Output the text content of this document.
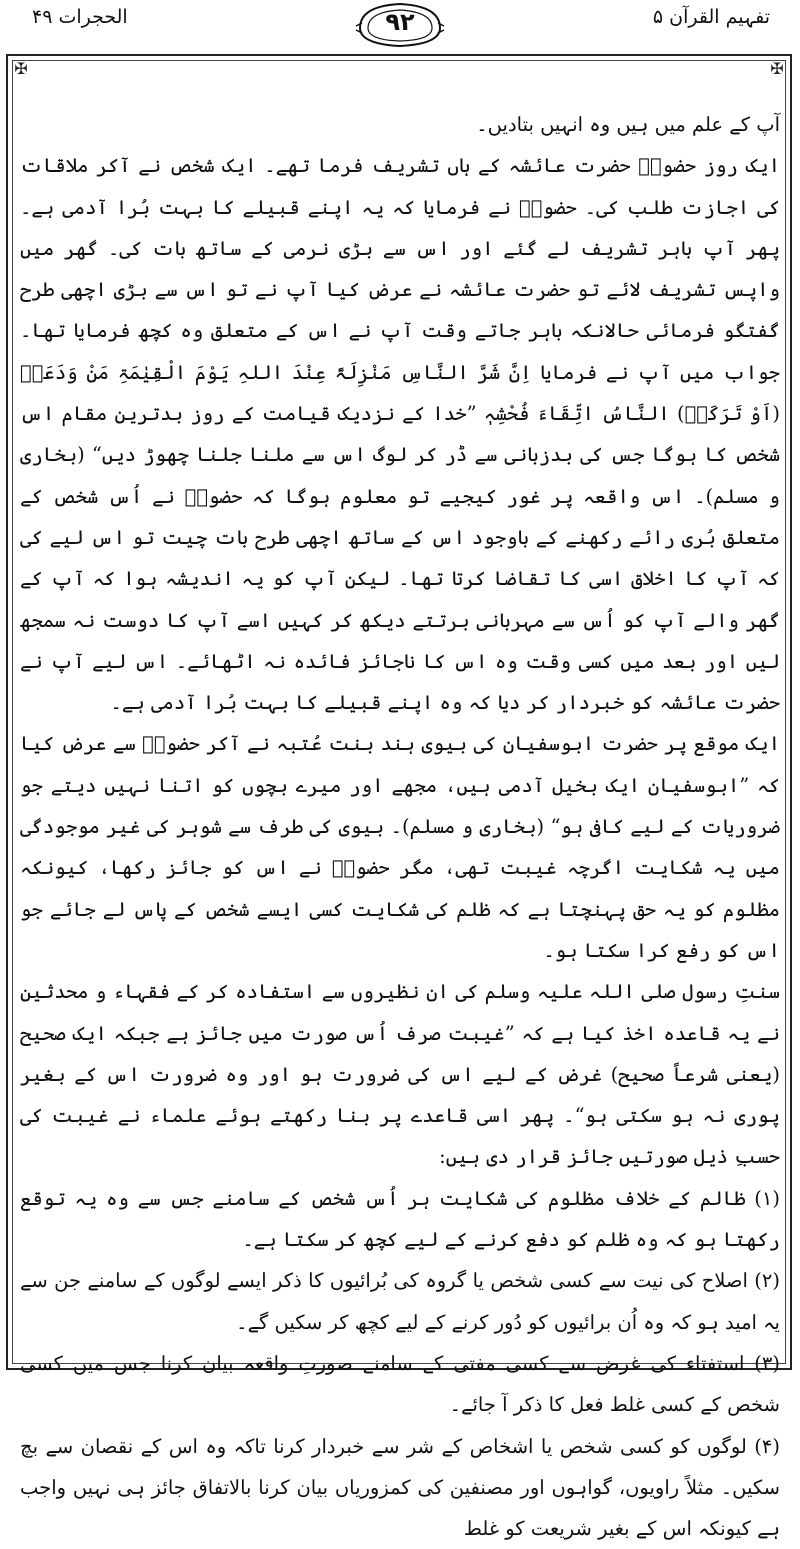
تفہیم القرآن ۵
۹۲
الحجرات ۴۹
✠	✠

آپ کے علم میں ہیں وہ انہیں بتادیں۔

ایک روز حضورؐ حضرت عائشہ کے ہاں تشریف فرما تھے۔ ایک شخص نے آکر ملاقات کی اجازت طلب کی۔ حضورؐ نے فرمایا کہ یہ اپنے قبیلے کا بہت بُرا آدمی ہے۔ پھر آپ باہر تشریف لے گئے اور اس سے بڑی نرمی کے ساتھ بات کی۔ گھر میں واپس تشریف لائے تو حضرت عائشہ نے عرض کیا آپ نے تو اس سے بڑی اچھی طرح گفتگو فرمائی حالانکہ باہر جاتے وقت آپ نے اس کے متعلق وہ کچھ فرمایا تھا۔ جواب میں آپ نے فرمایا اِنَّ شَرَّ النَّاسِ مَنْزِلَۃً عِنْدَ اللہِ یَوْمَ الْقِیٰمَۃِ مَنْ وَدَعَہٗ (اَوْ تَرَکَہٗ) النَّاسُ اتِّقَاءَ فُحْشِہٖ ”خدا کے نزدیک قیامت کے روز بدترین مقام اس شخص کا ہوگا جس کی بدزبانی سے ڈر کر لوگ اس سے ملنا جلنا چھوڑ دیں“ (بخاری و مسلم)۔ اس واقعہ پر غور کیجیے تو معلوم ہوگا کہ حضورؐ نے اُس شخص کے متعلق بُری رائے رکھنے کے باوجود اس کے ساتھ اچھی طرح بات چیت تو اس لیے کی کہ آپ کا اخلاق اسی کا تقاضا کرتا تھا۔ لیکن آپ کو یہ اندیشہ ہوا کہ آپ کے گھر والے آپ کو اُس سے مہربانی برتتے دیکھ کر کہیں اسے آپ کا دوست نہ سمجھ لیں اور بعد میں کسی وقت وہ اس کا ناجائز فائدہ نہ اٹھائے۔ اس لیے آپ نے حضرت عائشہ کو خبردار کر دیا کہ وہ اپنے قبیلے کا بہت بُرا آدمی ہے۔

ایک موقع پر حضرت ابوسفیان کی بیوی ہند بنت عُتبہ نے آکر حضورؐ سے عرض کیا کہ ”ابوسفیان ایک بخیل آدمی ہیں، مجھے اور میرے بچوں کو اتنا نہیں دیتے جو ضروریات کے لیے کافی ہو“ (بخاری و مسلم)۔ بیوی کی طرف سے شوہر کی غیر موجودگی میں یہ شکایت اگرچہ غیبت تھی، مگر حضورؐ نے اس کو جائز رکھا، کیونکہ مظلوم کو یہ حق پہنچتا ہے کہ ظلم کی شکایت کسی ایسے شخص کے پاس لے جائے جو اس کو رفع کرا سکتا ہو۔

سنتِ رسول صلی اللہ علیہ وسلم کی ان نظیروں سے استفادہ کر کے فقہاء و محدثین نے یہ قاعدہ اخذ کیا ہے کہ ”غیبت صرف اُس صورت میں جائز ہے جبکہ ایک صحیح (یعنی شرعاً صحیح) غرض کے لیے اس کی ضرورت ہو اور وہ ضرورت اس کے بغیر پوری نہ ہو سکتی ہو“۔ پھر اسی قاعدے پر بنا رکھتے ہوئے علماء نے غیبت کی حسبِ ذیل صورتیں جائز قرار دی ہیں:

(۱) ظالم کے خلاف مظلوم کی شکایت ہر اُس شخص کے سامنے جس سے وہ یہ توقع رکھتا ہو کہ وہ ظلم کو دفع کرنے کے لیے کچھ کر سکتا ہے۔

(۲) اصلاح کی نیت سے کسی شخص یا گروہ کی بُرائیوں کا ذکر ایسے لوگوں کے سامنے جن سے یہ امید ہو کہ وہ اُن برائیوں کو دُور کرنے کے لیے کچھ کر سکیں گے۔

(۳) استفتاء کی غرض سے کسی مفتی کے سامنے صورتِ واقعہ بیان کرنا جس میں کسی شخص کے کسی غلط فعل کا ذکر آ جائے۔

(۴) لوگوں کو کسی شخص یا اشخاص کے شر سے خبردار کرنا تاکہ وہ اس کے نقصان سے بچ سکیں۔ مثلاً راویوں، گواہوں اور مصنفین کی کمزوریاں بیان کرنا بالاتفاق جائز ہی نہیں واجب ہے کیونکہ اس کے بغیر شریعت کو غلط
